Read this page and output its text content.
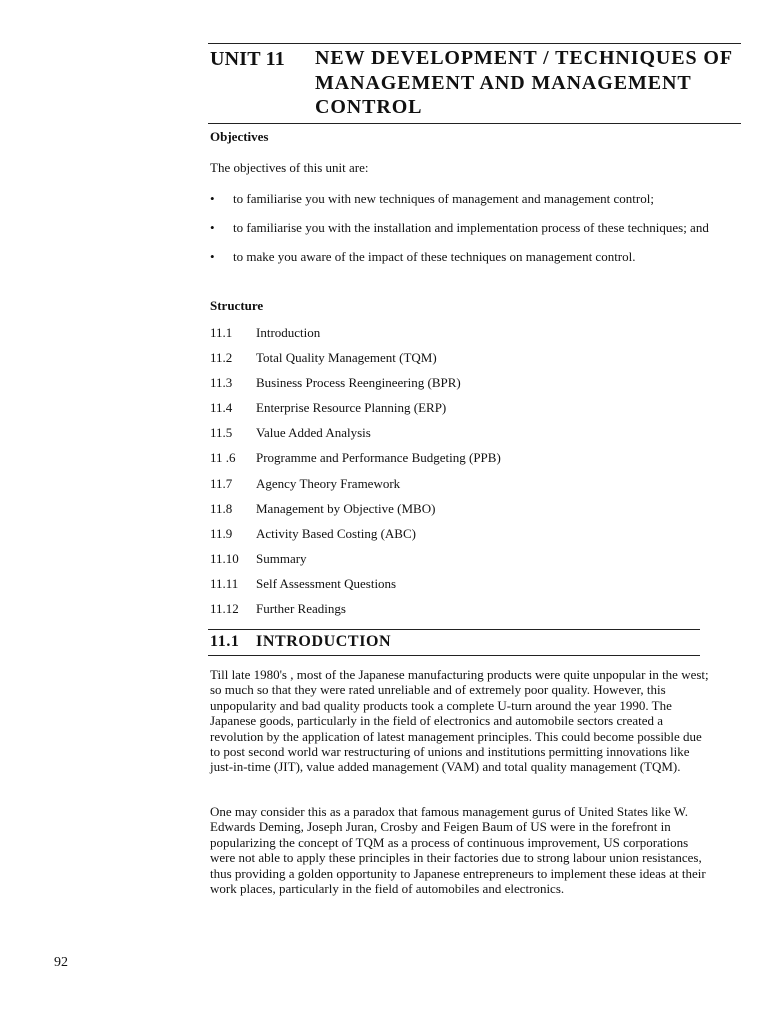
UNIT 11 NEW DEVELOPMENT / TECHNIQUES OF MANAGEMENT AND MANAGEMENT CONTROL
Objectives
The objectives of this unit are:
• to familiarise you with new techniques of management and management control;
• to familiarise you with the installation and implementation process of these techniques; and
• to make you aware of the impact of these techniques on management control.
Structure
11.1 Introduction
11.2 Total Quality Management (TQM)
11.3 Business Process Reengineering (BPR)
11.4 Enterprise Resource Planning (ERP)
11.5 Value Added Analysis
11 .6 Programme and Performance Budgeting (PPB)
11.7 Agency Theory Framework
11.8 Management by Objective (MBO)
11.9 Activity Based Costing (ABC)
11.10 Summary
11.11 Self Assessment Questions
11.12 Further Readings
11.1 INTRODUCTION

Till late 1980's , most of the Japanese manufacturing products were quite unpopular in the west; so much so that they were rated unreliable and of extremely poor quality. However, this unpopularity and bad quality products took a complete U-turn around the year 1990. The Japanese goods, particularly in the field of electronics and automobile sectors created a revolution by the application of latest management principles. This could become possible due to post second world war restructuring of unions and institutions permitting innovations like just-in-time (JIT), value added management (VAM) and total quality management (TQM).

One may consider this as a paradox that famous management gurus of United States like W. Edwards Deming, Joseph Juran, Crosby and Feigen Baum of US were in the forefront in popularizing the concept of TQM as a process of continuous improvement, US corporations were not able to apply these principles in their factories due to strong labour union resistances, thus providing a golden opportunity to Japanese entrepreneurs to implement these ideas at their work places, particularly in the field of automobiles and electronics.

92
